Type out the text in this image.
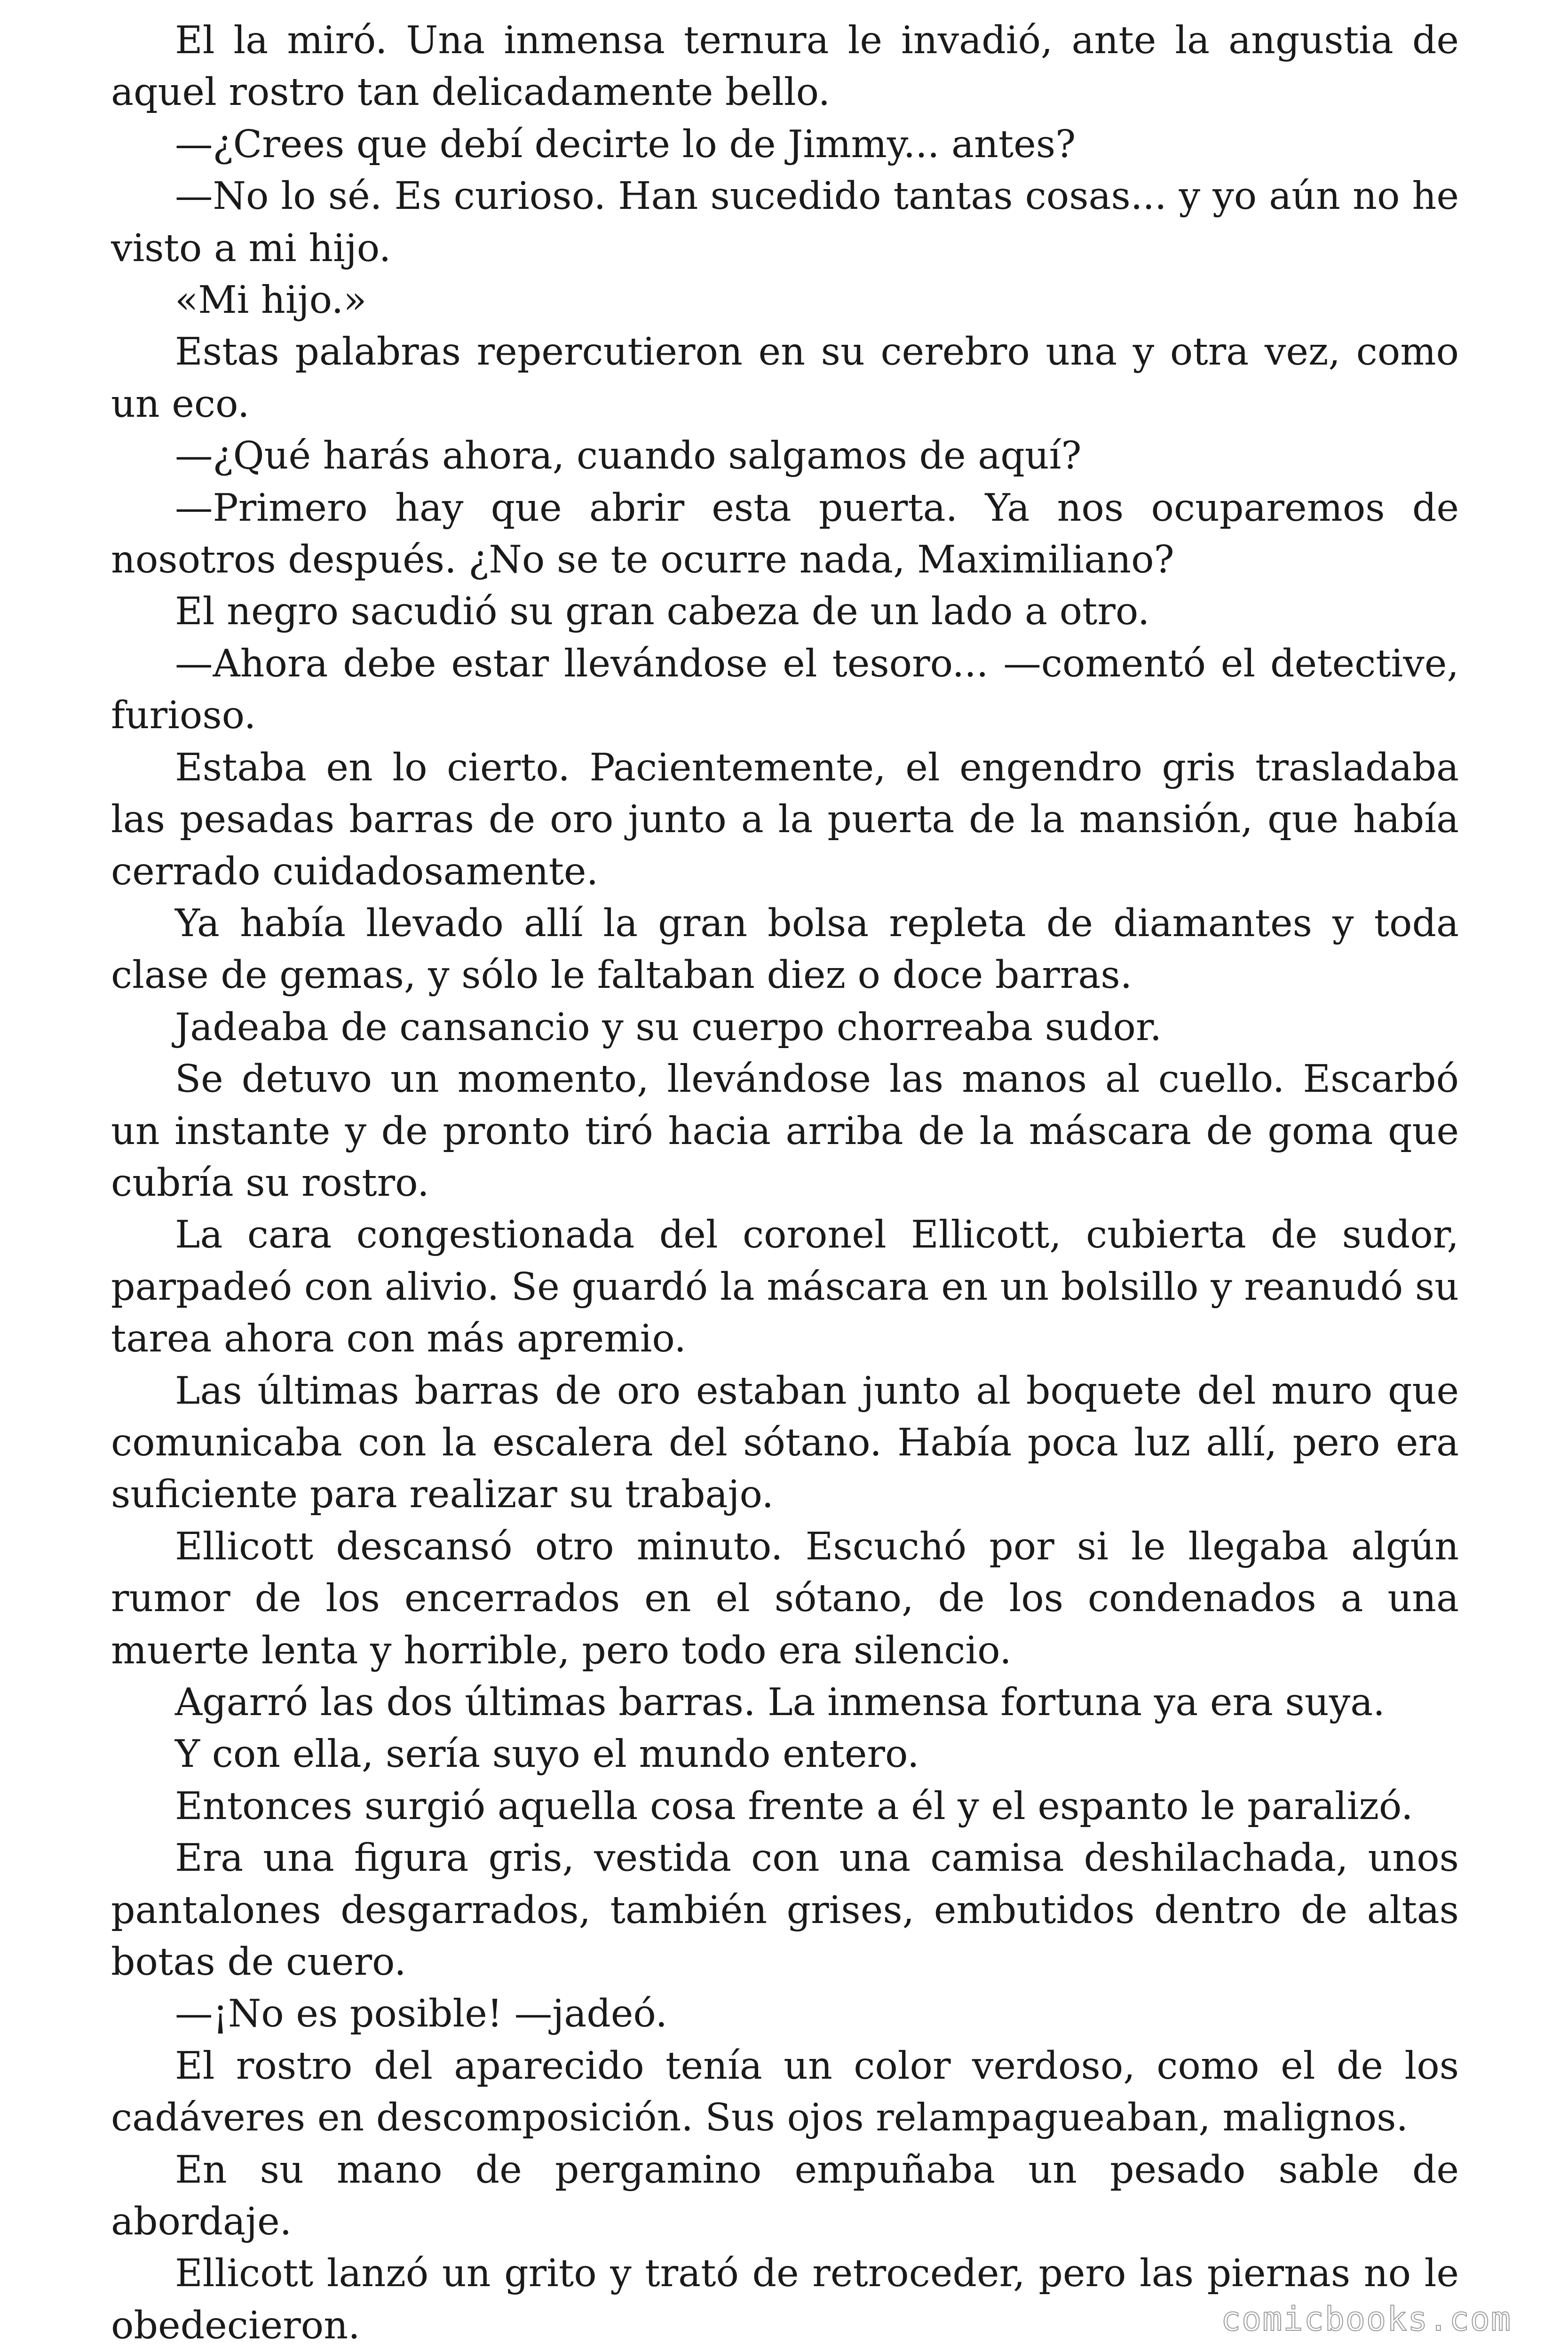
El la miró. Una inmensa ternura le invadió, ante la angustia de aquel rostro tan delicadamente bello.

—¿Crees que debí decirte lo de Jimmy... antes?

—No lo sé. Es curioso. Han sucedido tantas cosas... y yo aún no he visto a mi hijo.

«Mi hijo.»

Estas palabras repercutieron en su cerebro una y otra vez, como un eco.

—¿Qué harás ahora, cuando salgamos de aquí?

—Primero hay que abrir esta puerta. Ya nos ocuparemos de nosotros después. ¿No se te ocurre nada, Maximiliano?

El negro sacudió su gran cabeza de un lado a otro.

—Ahora debe estar llevándose el tesoro... —comentó el detective, furioso.

Estaba en lo cierto. Pacientemente, el engendro gris trasladaba las pesadas barras de oro junto a la puerta de la mansión, que había cerrado cuidadosamente.

Ya había llevado allí la gran bolsa repleta de diamantes y toda clase de gemas, y sólo le faltaban diez o doce barras.

Jadeaba de cansancio y su cuerpo chorreaba sudor.

Se detuvo un momento, llevándose las manos al cuello. Escarbó un instante y de pronto tiró hacia arriba de la máscara de goma que cubría su rostro.

La cara congestionada del coronel Ellicott, cubierta de sudor, parpadeó con alivio. Se guardó la máscara en un bolsillo y reanudó su tarea ahora con más apremio.

Las últimas barras de oro estaban junto al boquete del muro que comunicaba con la escalera del sótano. Había poca luz allí, pero era suficiente para realizar su trabajo.

Ellicott descansó otro minuto. Escuchó por si le llegaba algún rumor de los encerrados en el sótano, de los condenados a una muerte lenta y horrible, pero todo era silencio.

Agarró las dos últimas barras. La inmensa fortuna ya era suya.

Y con ella, sería suyo el mundo entero.

Entonces surgió aquella cosa frente a él y el espanto le paralizó.

Era una figura gris, vestida con una camisa deshilachada, unos pantalones desgarrados, también grises, embutidos dentro de altas botas de cuero.

—¡No es posible! —jadeó.

El rostro del aparecido tenía un color verdoso, como el de los cadáveres en descomposición. Sus ojos relampagueaban, malignos.

En su mano de pergamino empuñaba un pesado sable de abordaje.

Ellicott lanzó un grito y trató de retroceder, pero las piernas no le obedecieron.	comicbooks.com
